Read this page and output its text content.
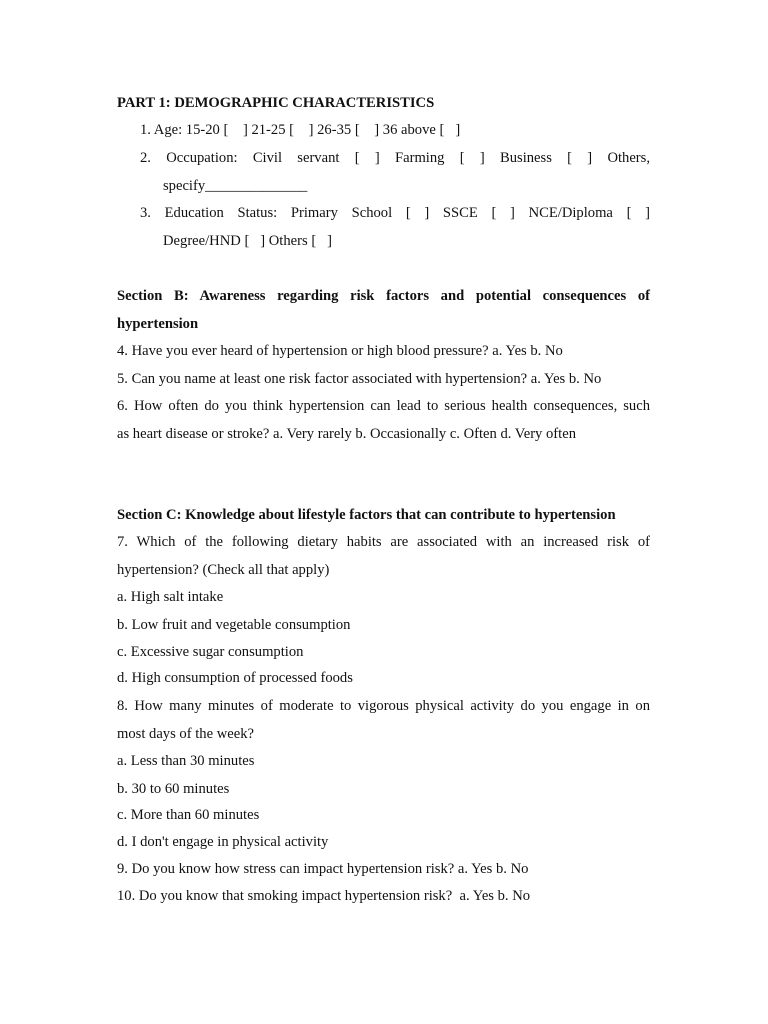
PART 1: DEMOGRAPHIC CHARACTERISTICS
1. Age: 15-20 [    ] 21-25 [    ] 26-35 [    ] 36 above [   ]
2. Occupation: Civil servant [ ] Farming [ ] Business [ ] Others,
specify______________
3. Education Status: Primary School [ ] SSCE [ ] NCE/Diploma [ ]
Degree/HND [   ] Others [   ]
Section B: Awareness regarding risk factors and potential consequences of
hypertension
4. Have you ever heard of hypertension or high blood pressure? a. Yes b. No
5. Can you name at least one risk factor associated with hypertension? a. Yes b. No
6. How often do you think hypertension can lead to serious health consequences, such
as heart disease or stroke? a. Very rarely b. Occasionally c. Often d. Very often
Section C: Knowledge about lifestyle factors that can contribute to hypertension
7. Which of the following dietary habits are associated with an increased risk of
hypertension? (Check all that apply)
a. High salt intake
b. Low fruit and vegetable consumption
c. Excessive sugar consumption
d. High consumption of processed foods
8. How many minutes of moderate to vigorous physical activity do you engage in on
most days of the week?
a. Less than 30 minutes
b. 30 to 60 minutes
c. More than 60 minutes
d. I don't engage in physical activity
9. Do you know how stress can impact hypertension risk? a. Yes b. No
10. Do you know that smoking impact hypertension risk?  a. Yes b. No
